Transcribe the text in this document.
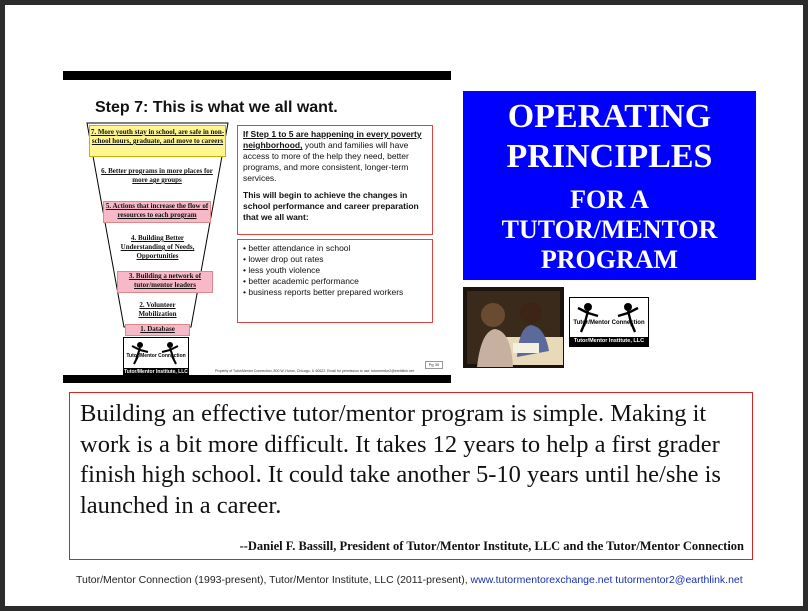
Step 7: This is what we all want.
7. More youth stay in school, are safe in non-school hours, graduate, and move to careers
6. Better programs in more places for more age groups
5. Actions that increase the flow of resources to each program
4. Building Better Understanding of Needs, Opportunities
3. Building a network of tutor/mentor leaders
2. Volunteer Mobilization
1. Database
Tutor/Mentor Connection
Tutor/Mentor Institute, LLC
If Step 1 to 5 are happening in every poverty neighborhood, youth and families will have access to more of the help they need, better programs, and more consistent, longer-term services.
This will begin to achieve the changes in school performance and career preparation that we all want:
• better attendance in school
• lower drop out rates
• less youth violence
• better academic performance
• business reports better prepared workers
Property of Tutor/Mentor Connection, 800 W. Huron, Chicago, IL 60622. Email for permission to use: tutormentor2@earthlink.net
Pg 30
OPERATING
PRINCIPLES
FOR A
TUTOR/MENTOR
PROGRAM
Tutor/Mentor Connection
Tutor/Mentor Institute, LLC
Building an effective tutor/mentor program is simple. Making it work is a bit more difficult. It takes 12 years to help a first grader finish high school. It could take another 5-10 years until he/she is launched in a career.
--Daniel F. Bassill, President of Tutor/Mentor Institute, LLC and the Tutor/Mentor Connection
Tutor/Mentor Connection (1993-present), Tutor/Mentor Institute, LLC (2011-present), www.tutormentorexchange.net tutormentor2@earthlink.net
